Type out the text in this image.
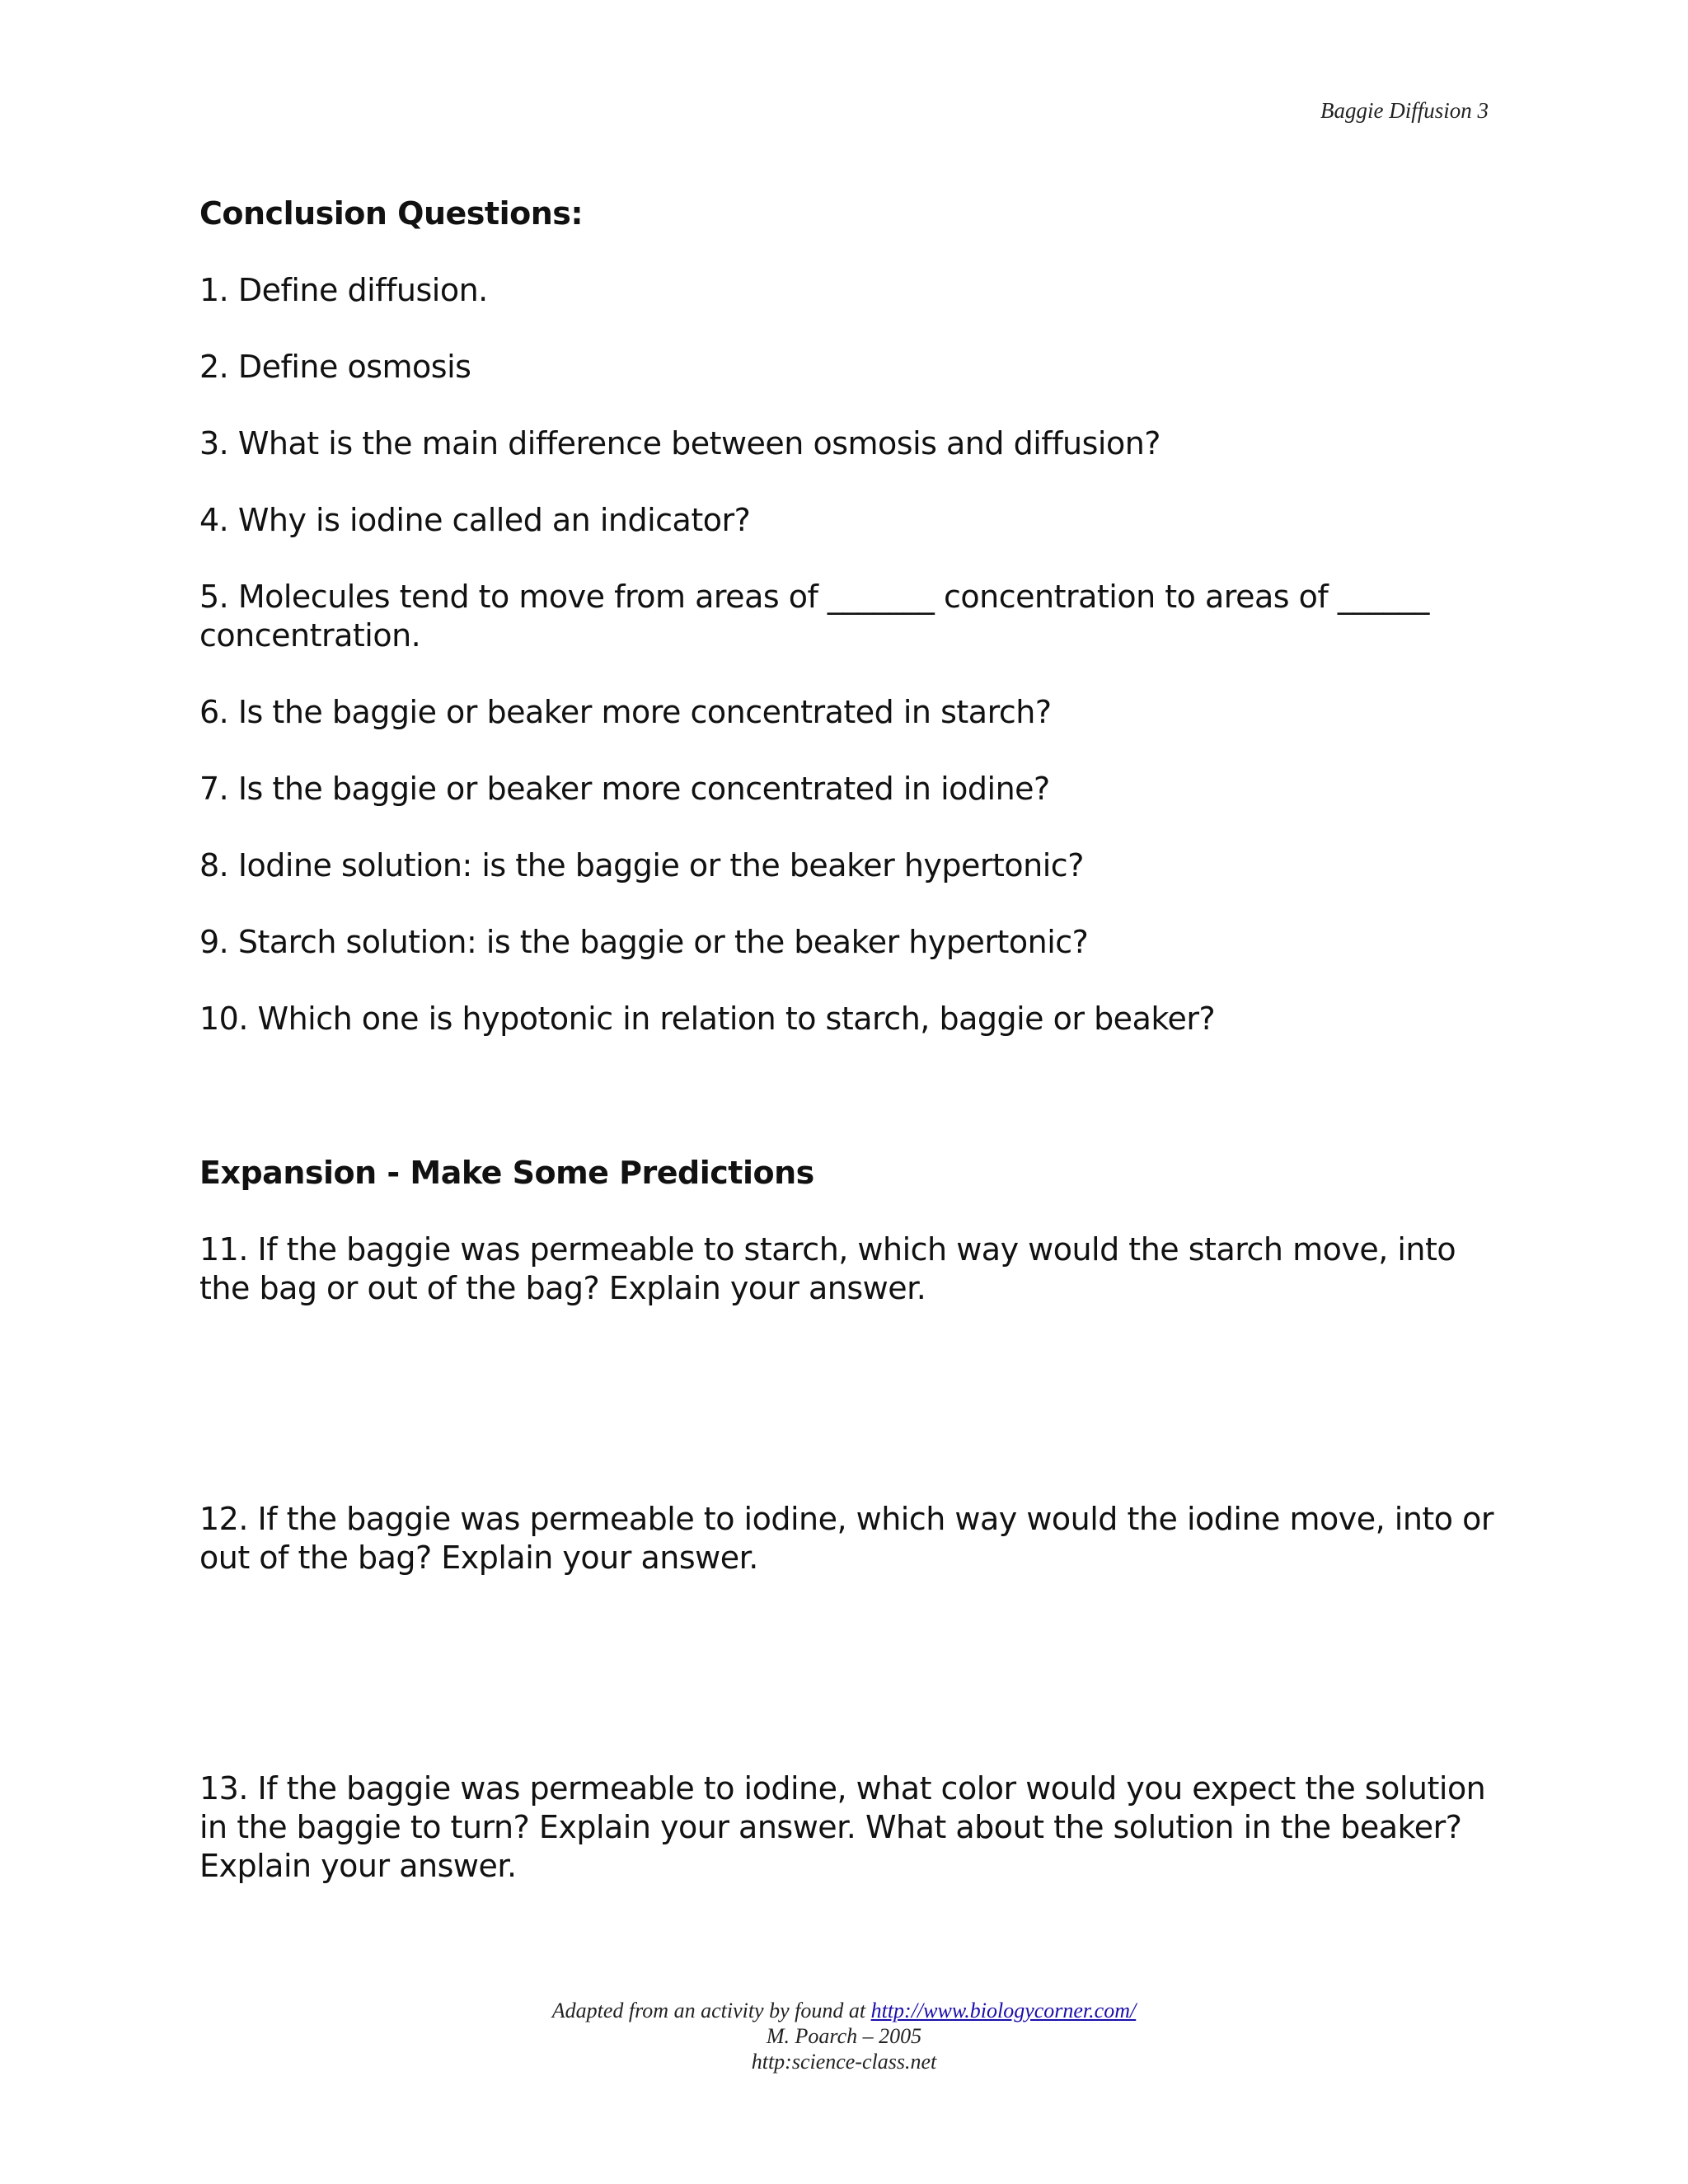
Baggie Diffusion 3

Conclusion Questions:

1. Define diffusion.

2. Define osmosis

3. What is the main difference between osmosis and diffusion?

4. Why is iodine called an indicator?

5. Molecules tend to move from areas of _______ concentration to areas of ______ concentration.

6. Is the baggie or beaker more concentrated in starch?

7. Is the baggie or beaker more concentrated in iodine?

8. Iodine solution: is the baggie or the beaker hypertonic?

9. Starch solution: is the baggie or the beaker hypertonic?

10. Which one is hypotonic in relation to starch, baggie or beaker?

Expansion - Make Some Predictions

11. If the baggie was permeable to starch, which way would the starch move, into the bag or out of the bag? Explain your answer.

12. If the baggie was permeable to iodine, which way would the iodine move, into or out of the bag? Explain your answer.

13. If the baggie was permeable to iodine, what color would you expect the solution in the baggie to turn? Explain your answer. What about the solution in the beaker? Explain your answer.

Adapted from an activity by found at http://www.biologycorner.com/
M. Poarch – 2005
http:science-class.net
